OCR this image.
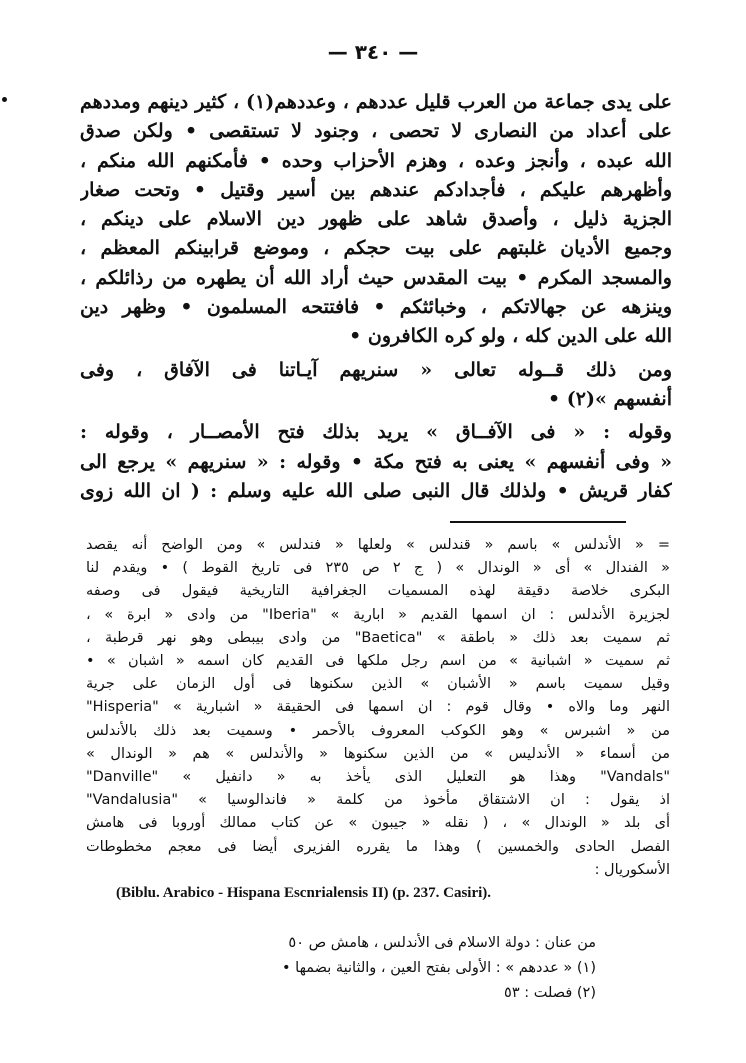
— ٣٤٠ —
على يدى جماعة من العرب قليل عددهم ، وعددهم(١) ، كثير دينهم ومددهم
على أعداد من النصارى لا تحصى ، وجنود لا تستقصى • ولكن صدق
الله عبده ، وأنجز وعده ، وهزم الأحزاب وحده • فأمكنهم الله منكم ،
وأظهرهم عليكم ، فأجدادكم عندهم بين أسير وقتيل • وتحت صغار
الجزية ذليل ، وأصدق شاهد على ظهور دين الاسلام على دينكم ،
وجميع الأديان غلبتهم على بيت حجكم ، وموضع قرابينكم المعظم ،
والمسجد المكرم • بيت المقدس حيث أراد الله أن يطهره من رذائلكم ،
وينزهه عن جهالاتكم ، وخبائثكم • فافتتحه المسلمون • وظهر دين
الله على الدين كله ، ولو كره الكافرون •
ومن ذلك قــوله تعالى « سنريهم آيـاتنا فى الآفاق ، وفى
أنفسهم »(٢) •
وقوله : « فى الآفــاق » يريد بذلك فتح الأمصــار ، وقوله :
« وفى أنفسهم » يعنى به فتح مكة • وقوله : « سنريهم » يرجع الى
كفار قريش • ولذلك قال النبى صلى الله عليه وسلم : ( ان الله زوى
= « الأندلس » باسم « قندلس » ولعلها « فندلس » ومن الواضح أنه يقصد
« الفندال » أى « الوندال » ( ج ٢ ص ٢٣٥ فى تاريخ القوط ) • ويقدم لنا
البكرى خلاصة دقيقة لهذه المسميات الجغرافية التاريخية فيقول فى وصفه
لجزيرة الأندلس : ان اسمها القديم « ابارية » "Iberia" من وادى « ابرة » ،
ثم سميت بعد ذلك « باطقة » "Baetica" من وادى بيبطى وهو نهر قرطبة ،
ثم سميت « اشبانية » من اسم رجل ملكها فى القديم كان اسمه « اشبان » •
وقيل سميت باسم « الأشبان » الذين سكنوها فى أول الزمان على جرية
النهر وما والاه • وقال قوم : ان اسمها فى الحقيقة « اشبارية » "Hisperia"
من « اشبرس » وهو الكوكب المعروف بالأحمر • وسميت بعد ذلك بالأندلس
من أسماء « الأندليس » من الذين سكنوها « والأندلس » هم « الوندال »
"Vandals" وهذا هو التعليل الذى يأخذ به « دانفيل » "Danville"
اذ يقول : ان الاشتقاق مأخوذ من كلمة « فاندالوسيا » "Vandalusia"
أى بلد « الوندال » ، ( نقله « جيبون » عن كتاب ممالك أوروبا فى هامش
الفصل الحادى والخمسين ) وهذا ما يقرره الفزيرى أيضا فى معجم مخطوطات
الأسكوريال :
(Biblu. Arabico - Hispana Escnrialensis II) (p. 237. Casiri).
من عنان : دولة الاسلام فى الأندلس ، هامش ص ٥٠
(١) « عددهم » : الأولى بفتح العين ، والثانية بضمها •
(٢) فصلت : ٥٣
